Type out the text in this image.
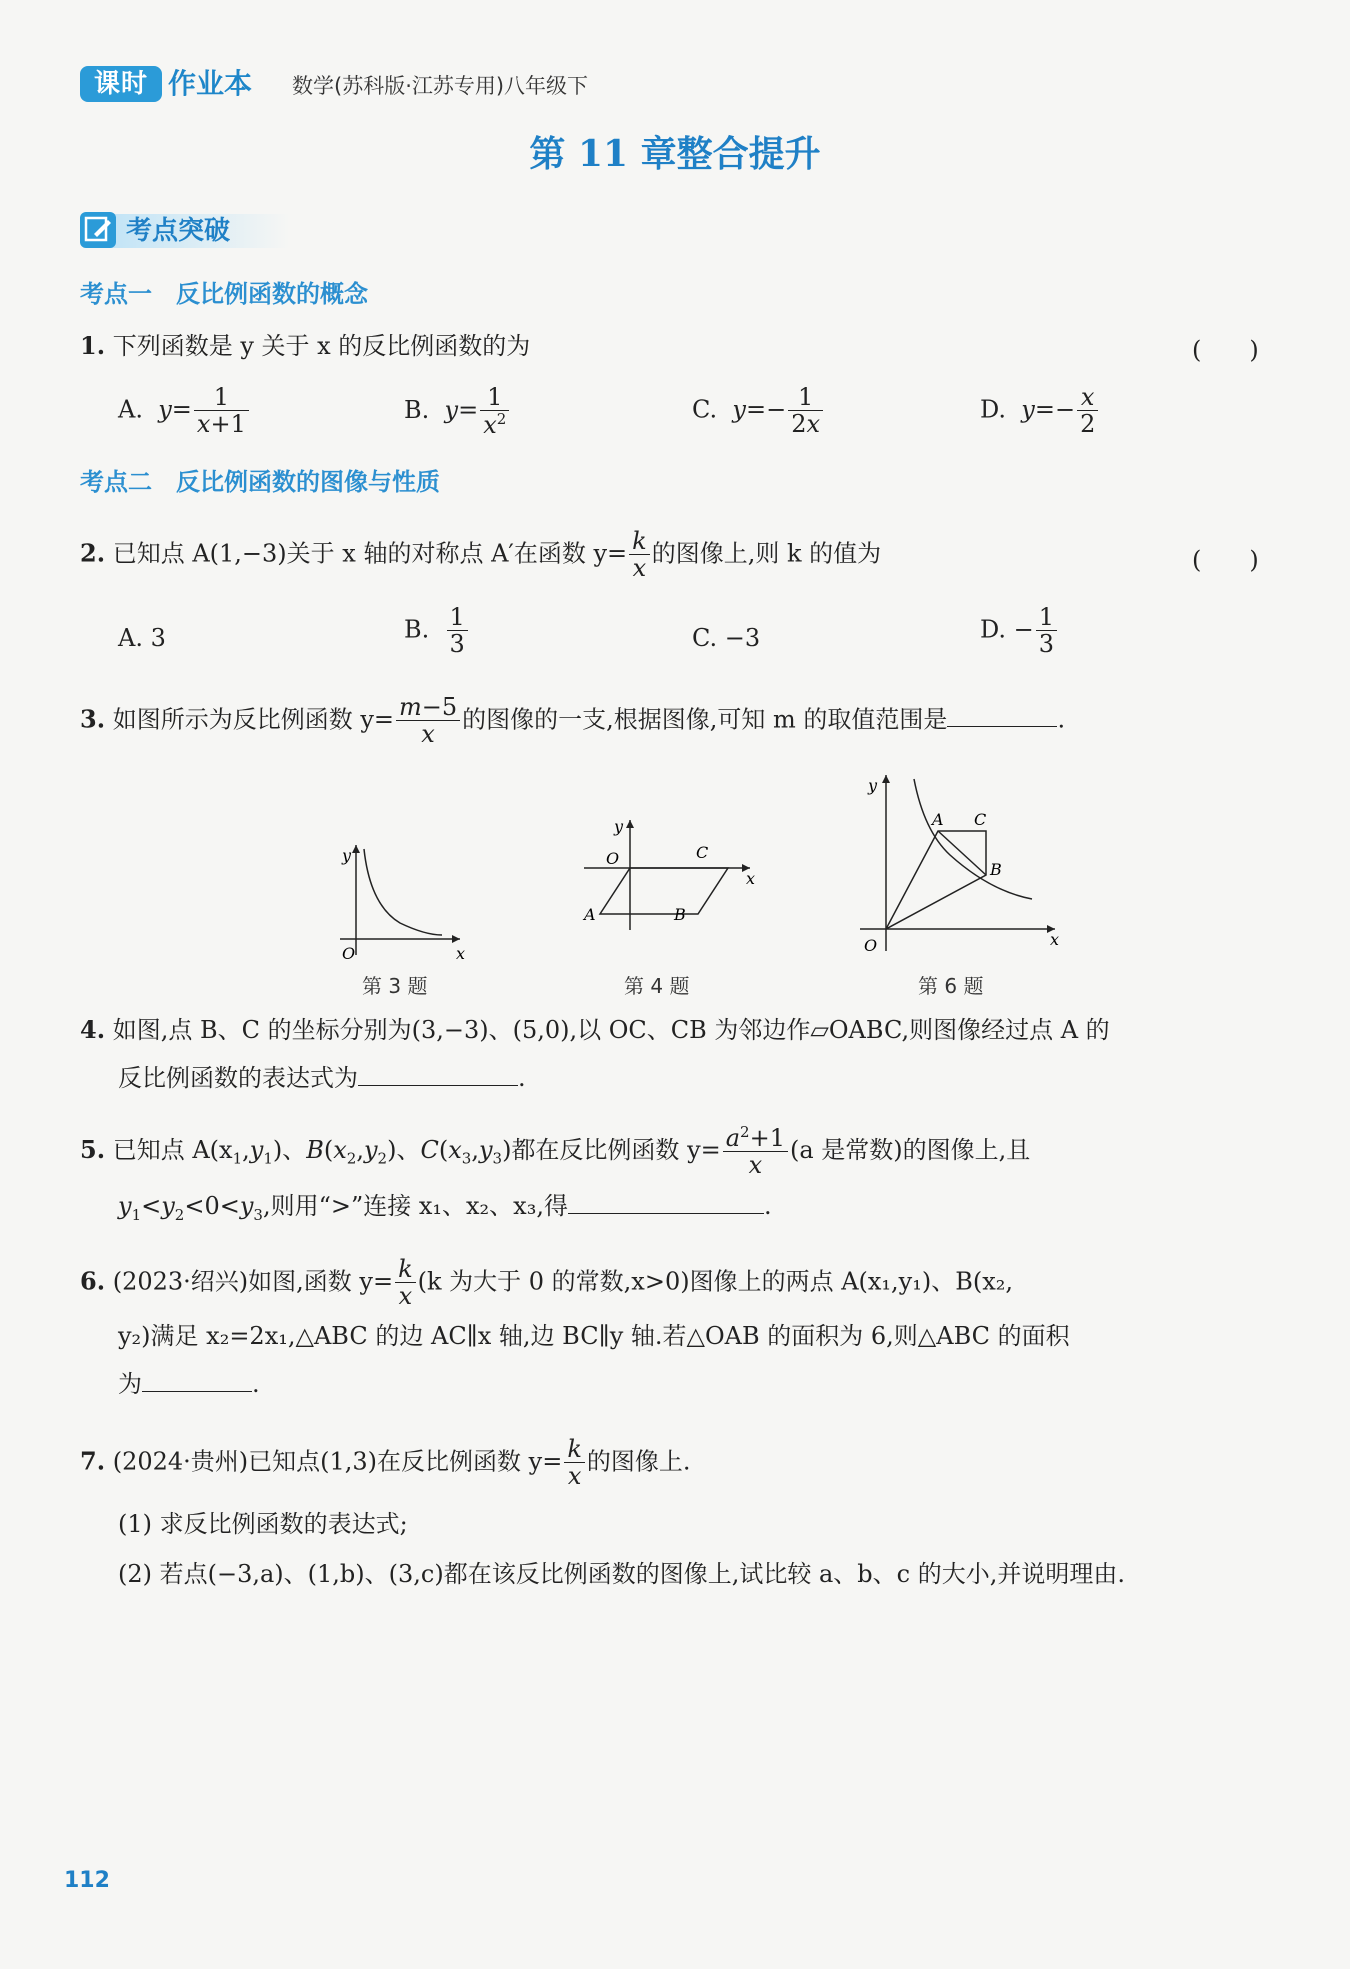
课时 作业本 数学(苏科版·江苏专用)八年级下
第 11 章整合提升
考点突破
考点一　反比例函数的概念
1. 下列函数是 y 关于 x 的反比例函数的为	(　　)
A. $y= \frac{1}{x+1}$	B. $y= \frac{1}{x^2}$	C. $y=- \frac{1}{2x}$	D. $y=- \frac{x}{2}$
考点二　反比例函数的图像与性质
2. 已知点 A(1,−3)关于 x 轴的对称点 A′在函数 $y= \frac{k}{x}$ 的图像上,则 k 的值为	(　　)
A. 3	B. $\frac{1}{3}$	C. −3	D. − $\frac{1}{3}$
3. 如图所示为反比例函数 $y= \frac{m-5}{x}$ 的图像的一支,根据图像,可知 m 的取值范围是	.
y
x
O
第 3 题
y
x
O	C
A	B
第 4 题
y
x
O
A C
B
第 6 题
4. 如图,点 B、C 的坐标分别为(3,−3)、(5,0),以 OC、CB 为邻边作▱OABC,则图像经过点 A 的
反比例函数的表达式为	.
5. 已知点 $A(x_1,y_1)$、$B(x_2,y_2)$、$C(x_3,y_3)$都在反比例函数 $y= \frac{a^2+1}{x} (a$ 是常数)的图像上,且
$y_1<y_2<0<y_3$,则用“>”连接 x₁、x₂、x₃,得	.
6. (2023·绍兴)如图,函数 $y= \frac{k}{x} (k$ 为大于 0 的常数,x>0)图像上的两点 A(x₁,y₁)、B(x₂,
y₂)满足 x₂=2x₁,△ABC 的边 AC∥x 轴,边 BC∥y 轴.若△OAB 的面积为 6,则△ABC 的面积
为	.
7. (2024·贵州)已知点(1,3)在反比例函数 $y= \frac{k}{x}$ 的图像上.
(1) 求反比例函数的表达式;
(2) 若点(−3,a)、(1,b)、(3,c)都在该反比例函数的图像上,试比较 a、b、c 的大小,并说明理由.
112
